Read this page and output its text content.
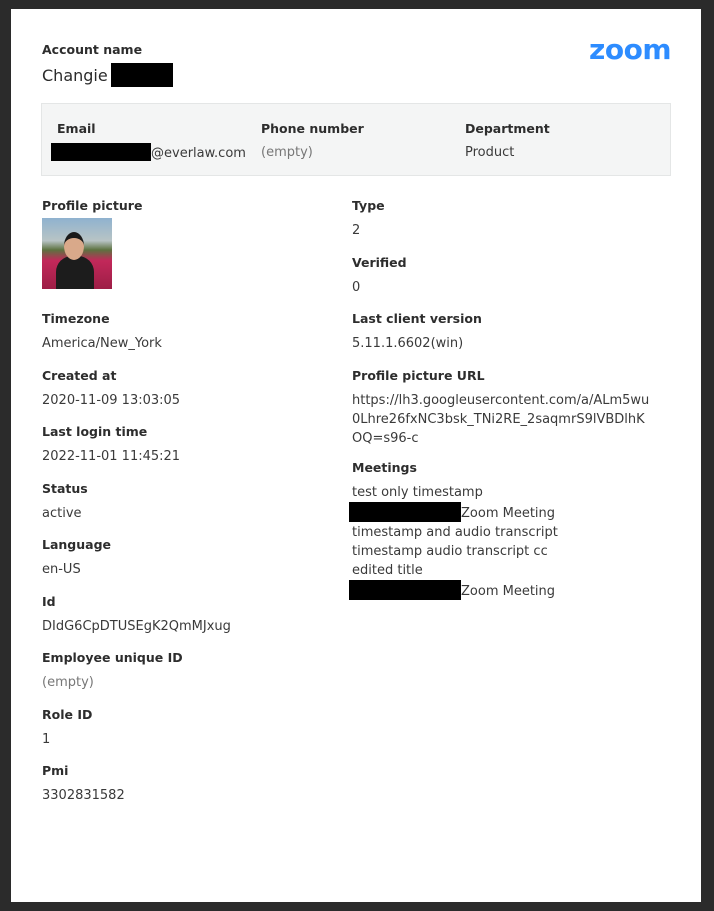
Account name
Changie
zoom
Email
@everlaw.com
Phone number
(empty)
Department
Product
Profile picture
Timezone
America/New_York
Created at
2020-11-09 13:03:05
Last login time
2022-11-01 11:45:21
Status
active
Language
en-US
Id
DIdG6CpDTUSEgK2QmMJxug
Employee unique ID
(empty)
Role ID
1
Pmi
3302831582
Type
2
Verified
0
Last client version
5.11.1.6602(win)
Profile picture URL
https://lh3.googleusercontent.com/a/ALm5wu0Lhre26fxNC3bsk_TNi2RE_2saqmrS9lVBDlhKOQ=s96-c
Meetings
test only timestamp
Zoom Meeting
timestamp and audio transcript
timestamp audio transcript cc
edited title
Zoom Meeting
